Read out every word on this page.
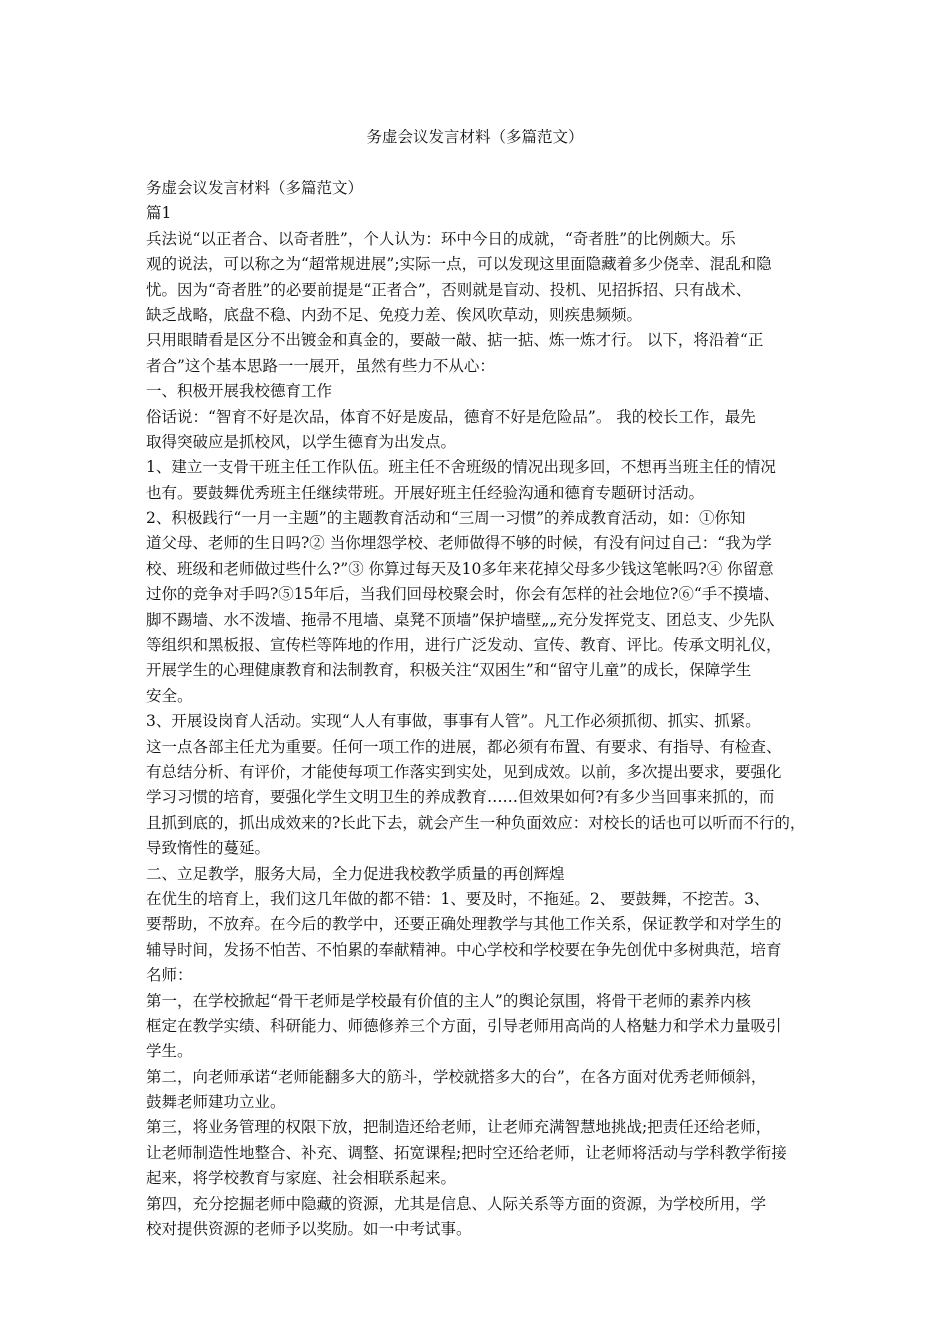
务虚会议发言材料（多篇范文）
务虚会议发言材料（多篇范文）
篇1
兵法说“以正者合、以奇者胜”，个人认为：环中今日的成就，“奇者胜”的比例颇大。乐
观的说法，可以称之为“超常规进展”;实际一点，可以发现这里面隐藏着多少侥幸、混乱和隐
忧。因为“奇者胜”的必要前提是“正者合”，否则就是盲动、投机、见招拆招、只有战术、
缺乏战略，底盘不稳、内劲不足、免疫力差、俟风吹草动，则疾患频频。
只用眼睛看是区分不出镀金和真金的，要敲一敲、掂一掂、炼一炼才行。 以下，将沿着“正
者合”这个基本思路一一展开，虽然有些力不从心：
一、积极开展我校德育工作
俗话说：“智育不好是次品，体育不好是废品，德育不好是危险品”。 我的校长工作，最先
取得突破应是抓校风，以学生德育为出发点。
1、建立一支骨干班主任工作队伍。班主任不舍班级的情况出现多回，不想再当班主任的情况
也有。要鼓舞优秀班主任继续带班。开展好班主任经验沟通和德育专题研讨活动。
2、积极践行“一月一主题”的主题教育活动和“三周一习惯”的养成教育活动，如：①你知
道父母、老师的生日吗?② 当你埋怨学校、老师做得不够的时候，有没有问过自己：“我为学
校、班级和老师做过些什么?”③ 你算过每天及10多年来花掉父母多少钱这笔帐吗?④ 你留意
过你的竞争对手吗?⑤15年后，当我们回母校聚会时，你会有怎样的社会地位?⑥“手不摸墙、
脚不踢墙、水不泼墙、拖帚不甩墙、桌凳不顶墙”保护墙壁„„充分发挥党支、团总支、少先队
等组织和黑板报、宣传栏等阵地的作用，进行广泛发动、宣传、教育、评比。传承文明礼仪，
开展学生的心理健康教育和法制教育，积极关注“双困生”和“留守儿童”的成长，保障学生
安全。
3、开展设岗育人活动。实现“人人有事做，事事有人管”。凡工作必须抓彻、抓实、抓紧。
这一点各部主任尤为重要。任何一项工作的进展，都必须有布置、有要求、有指导、有检查、
有总结分析、有评价，才能使每项工作落实到实处，见到成效。以前，多次提出要求，要强化
学习习惯的培育，要强化学生文明卫生的养成教育‥‥‥但效果如何?有多少当回事来抓的，而
且抓到底的，抓出成效来的?长此下去，就会产生一种负面效应：对校长的话也可以听而不行的，
导致惰性的蔓延。
二、立足教学，服务大局，全力促进我校教学质量的再创辉煌
在优生的培育上，我们这几年做的都不错：1、要及时，不拖延。2、 要鼓舞，不挖苦。3、
要帮助，不放弃。在今后的教学中，还要正确处理教学与其他工作关系，保证教学和对学生的
辅导时间，发扬不怕苦、不怕累的奉献精神。中心学校和学校要在争先创优中多树典范，培育
名师：
第一，在学校掀起“骨干老师是学校最有价值的主人”的舆论氛围，将骨干老师的素养内核
框定在教学实绩、科研能力、师德修养三个方面，引导老师用高尚的人格魅力和学术力量吸引
学生。
第二，向老师承诺“老师能翻多大的筋斗，学校就搭多大的台”，在各方面对优秀老师倾斜，
鼓舞老师建功立业。
第三，将业务管理的权限下放，把制造还给老师，让老师充满智慧地挑战;把责任还给老师，
让老师制造性地整合、补充、调整、拓宽课程;把时空还给老师，让老师将活动与学科教学衔接
起来，将学校教育与家庭、社会相联系起来。
第四，充分挖掘老师中隐藏的资源，尤其是信息、人际关系等方面的资源，为学校所用，学
校对提供资源的老师予以奖励。如一中考试事。
